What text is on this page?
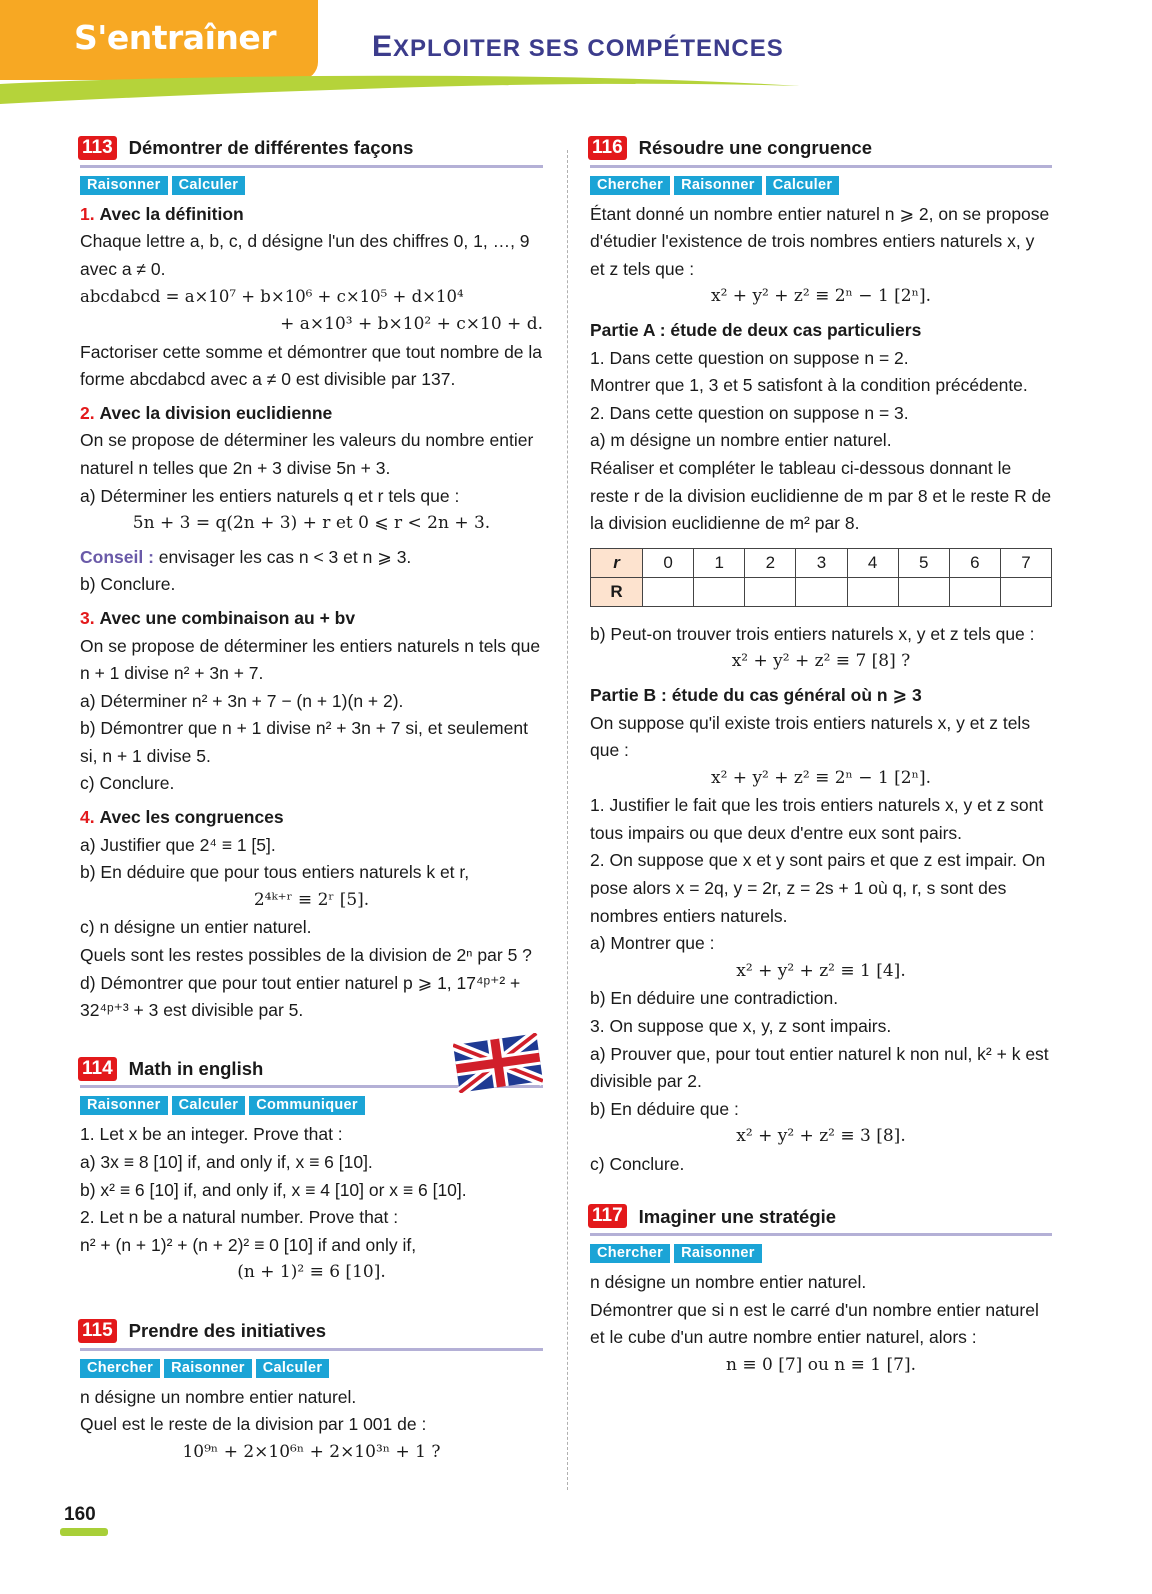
S'entraîner	EXPLOITER SES COMPÉTENCES
113 Démontrer de différentes façons
Raisonner	Calculer
1. Avec la définition
Chaque lettre a, b, c, d désigne l'un des chiffres 0, 1, …, 9 avec a ≠ 0.
abcdabcd = a×10⁷ + b×10⁶ + c×10⁵ + d×10⁴
+ a×10³ + b×10² + c×10 + d.
Factoriser cette somme et démontrer que tout nombre de la forme abcdabcd avec a ≠ 0 est divisible par 137.
2. Avec la division euclidienne
On se propose de déterminer les valeurs du nombre entier naturel n telles que 2n + 3 divise 5n + 3.
a) Déterminer les entiers naturels q et r tels que :
5n + 3 = q(2n + 3) + r et 0 ⩽ r < 2n + 3.
Conseil : envisager les cas n < 3 et n ⩾ 3.
b) Conclure.
3. Avec une combinaison au + bv
On se propose de déterminer les entiers naturels n tels que n + 1 divise n² + 3n + 7.
a) Déterminer n² + 3n + 7 − (n + 1)(n + 2).
b) Démontrer que n + 1 divise n² + 3n + 7 si, et seulement si, n + 1 divise 5.
c) Conclure.
4. Avec les congruences
a) Justifier que 2⁴ ≡ 1 [5].
b) En déduire que pour tous entiers naturels k et r,
2⁴ᵏ⁺ʳ ≡ 2ʳ [5].
c) n désigne un entier naturel.
Quels sont les restes possibles de la division de 2ⁿ par 5 ?
d) Démontrer que pour tout entier naturel p ⩾ 1, 17⁴ᵖ⁺² + 32⁴ᵖ⁺³ + 3 est divisible par 5.
114 Math in english
Raisonner	Calculer	Communiquer
1. Let x be an integer. Prove that :
a) 3x ≡ 8 [10] if, and only if, x ≡ 6 [10].
b) x² ≡ 6 [10] if, and only if, x ≡ 4 [10] or x ≡ 6 [10].
2. Let n be a natural number. Prove that :
n² + (n + 1)² + (n + 2)² ≡ 0 [10] if and only if,
(n + 1)² ≡ 6 [10].
115 Prendre des initiatives
Chercher	Raisonner	Calculer
n désigne un nombre entier naturel.
Quel est le reste de la division par 1 001 de :
10⁹ⁿ + 2×10⁶ⁿ + 2×10³ⁿ + 1 ?
116 Résoudre une congruence
Chercher	Raisonner	Calculer
Étant donné un nombre entier naturel n ⩾ 2, on se propose d'étudier l'existence de trois nombres entiers naturels x, y et z tels que :
x² + y² + z² ≡ 2ⁿ − 1 [2ⁿ].
Partie A : étude de deux cas particuliers
1. Dans cette question on suppose n = 2.
Montrer que 1, 3 et 5 satisfont à la condition précédente.
2. Dans cette question on suppose n = 3.
a) m désigne un nombre entier naturel.
Réaliser et compléter le tableau ci-dessous donnant le reste r de la division euclidienne de m par 8 et le reste R de la division euclidienne de m² par 8.
r	0	1	2	3	4	5	6	7
R								
b) Peut-on trouver trois entiers naturels x, y et z tels que :
x² + y² + z² ≡ 7 [8] ?
Partie B : étude du cas général où n ⩾ 3
On suppose qu'il existe trois entiers naturels x, y et z tels que :
x² + y² + z² ≡ 2ⁿ − 1 [2ⁿ].
1. Justifier le fait que les trois entiers naturels x, y et z sont tous impairs ou que deux d'entre eux sont pairs.
2. On suppose que x et y sont pairs et que z est impair. On pose alors x = 2q, y = 2r, z = 2s + 1 où q, r, s sont des nombres entiers naturels.
a) Montrer que :
x² + y² + z² ≡ 1 [4].
b) En déduire une contradiction.
3. On suppose que x, y, z sont impairs.
a) Prouver que, pour tout entier naturel k non nul, k² + k est divisible par 2.
b) En déduire que :
x² + y² + z² ≡ 3 [8].
c) Conclure.
117 Imaginer une stratégie
Chercher	Raisonner
n désigne un nombre entier naturel.
Démontrer que si n est le carré d'un nombre entier naturel et le cube d'un autre nombre entier naturel, alors :
n ≡ 0 [7] ou n ≡ 1 [7].
160
